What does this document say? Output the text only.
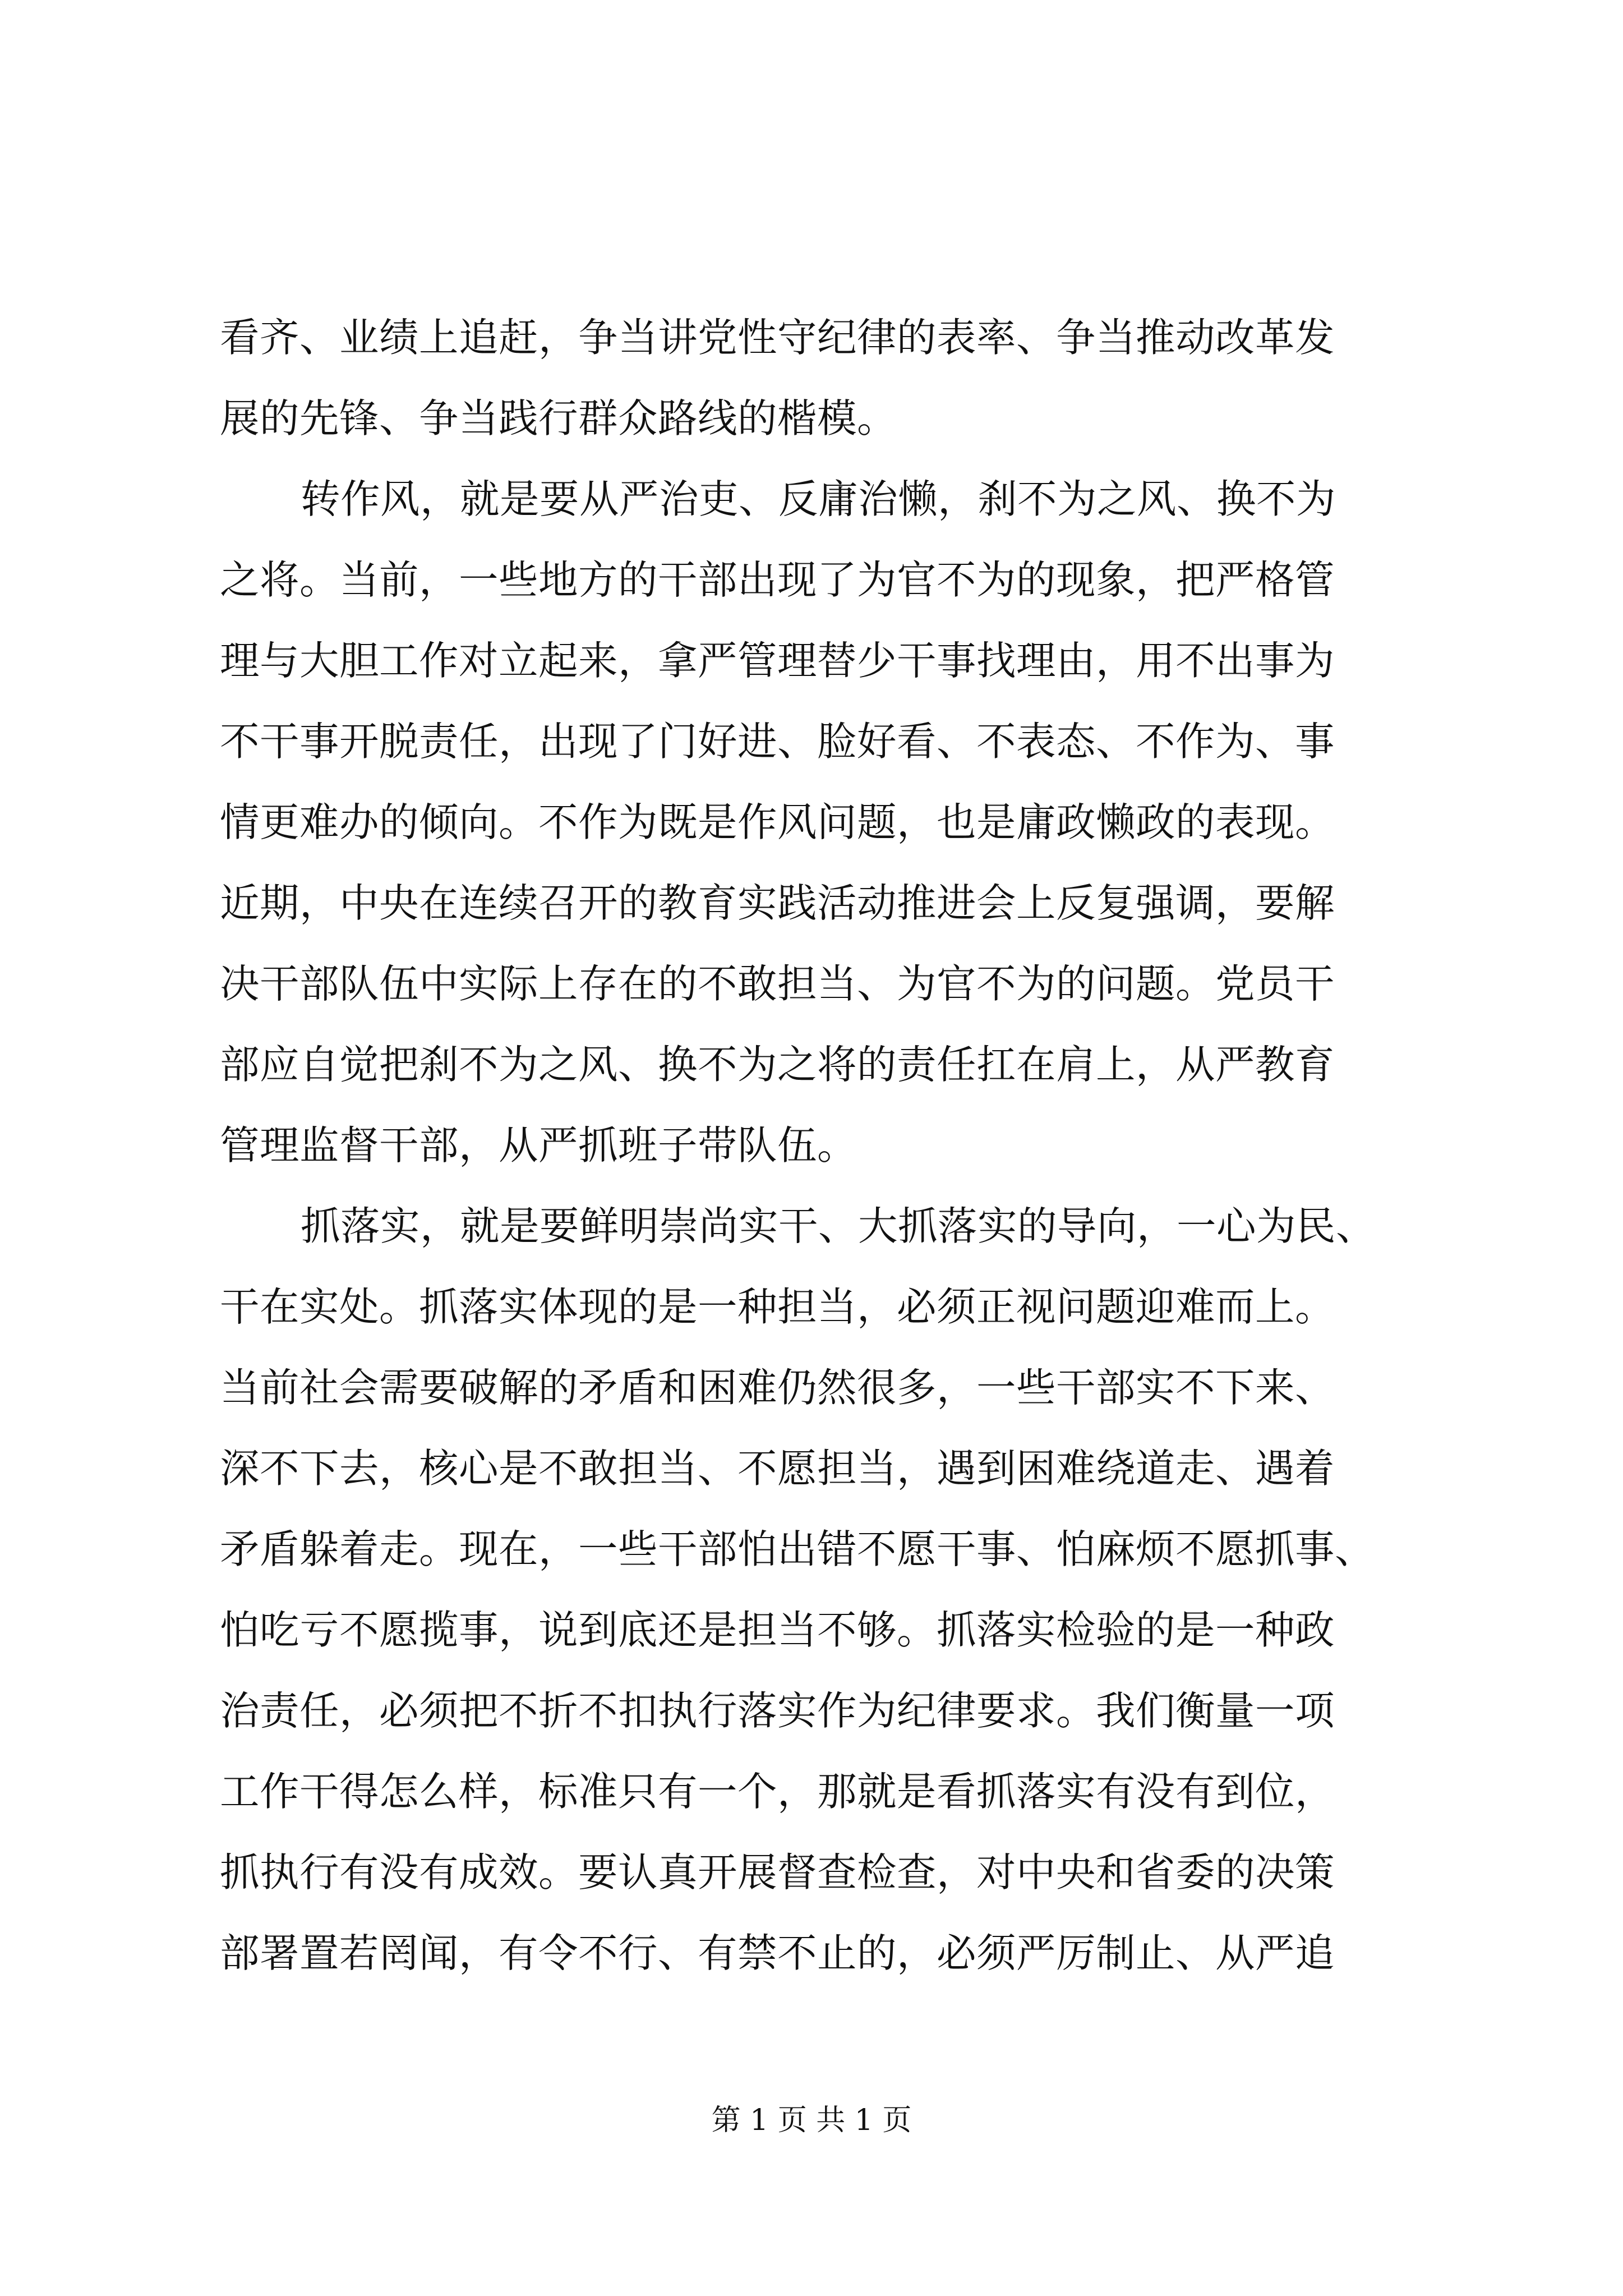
看齐、业绩上追赶，争当讲党性守纪律的表率、争当推动改革发
展的先锋、争当践行群众路线的楷模。
转作风，就是要从严治吏、反庸治懒，刹不为之风、换不为
之将。当前，一些地方的干部出现了为官不为的现象，把严格管
理与大胆工作对立起来，拿严管理替少干事找理由，用不出事为
不干事开脱责任，出现了门好进、脸好看、不表态、不作为、事
情更难办的倾向。不作为既是作风问题，也是庸政懒政的表现。
近期，中央在连续召开的教育实践活动推进会上反复强调，要解
决干部队伍中实际上存在的不敢担当、为官不为的问题。党员干
部应自觉把刹不为之风、换不为之将的责任扛在肩上，从严教育
管理监督干部，从严抓班子带队伍。
抓落实，就是要鲜明崇尚实干、大抓落实的导向，一心为民、
干在实处。抓落实体现的是一种担当，必须正视问题迎难而上。
当前社会需要破解的矛盾和困难仍然很多，一些干部实不下来、
深不下去，核心是不敢担当、不愿担当，遇到困难绕道走、遇着
矛盾躲着走。现在，一些干部怕出错不愿干事、怕麻烦不愿抓事、
怕吃亏不愿揽事，说到底还是担当不够。抓落实检验的是一种政
治责任，必须把不折不扣执行落实作为纪律要求。我们衡量一项
工作干得怎么样，标准只有一个，那就是看抓落实有没有到位，
抓执行有没有成效。要认真开展督查检查，对中央和省委的决策
部署置若罔闻，有令不行、有禁不止的，必须严厉制止、从严追
第 1 页 共 1 页
